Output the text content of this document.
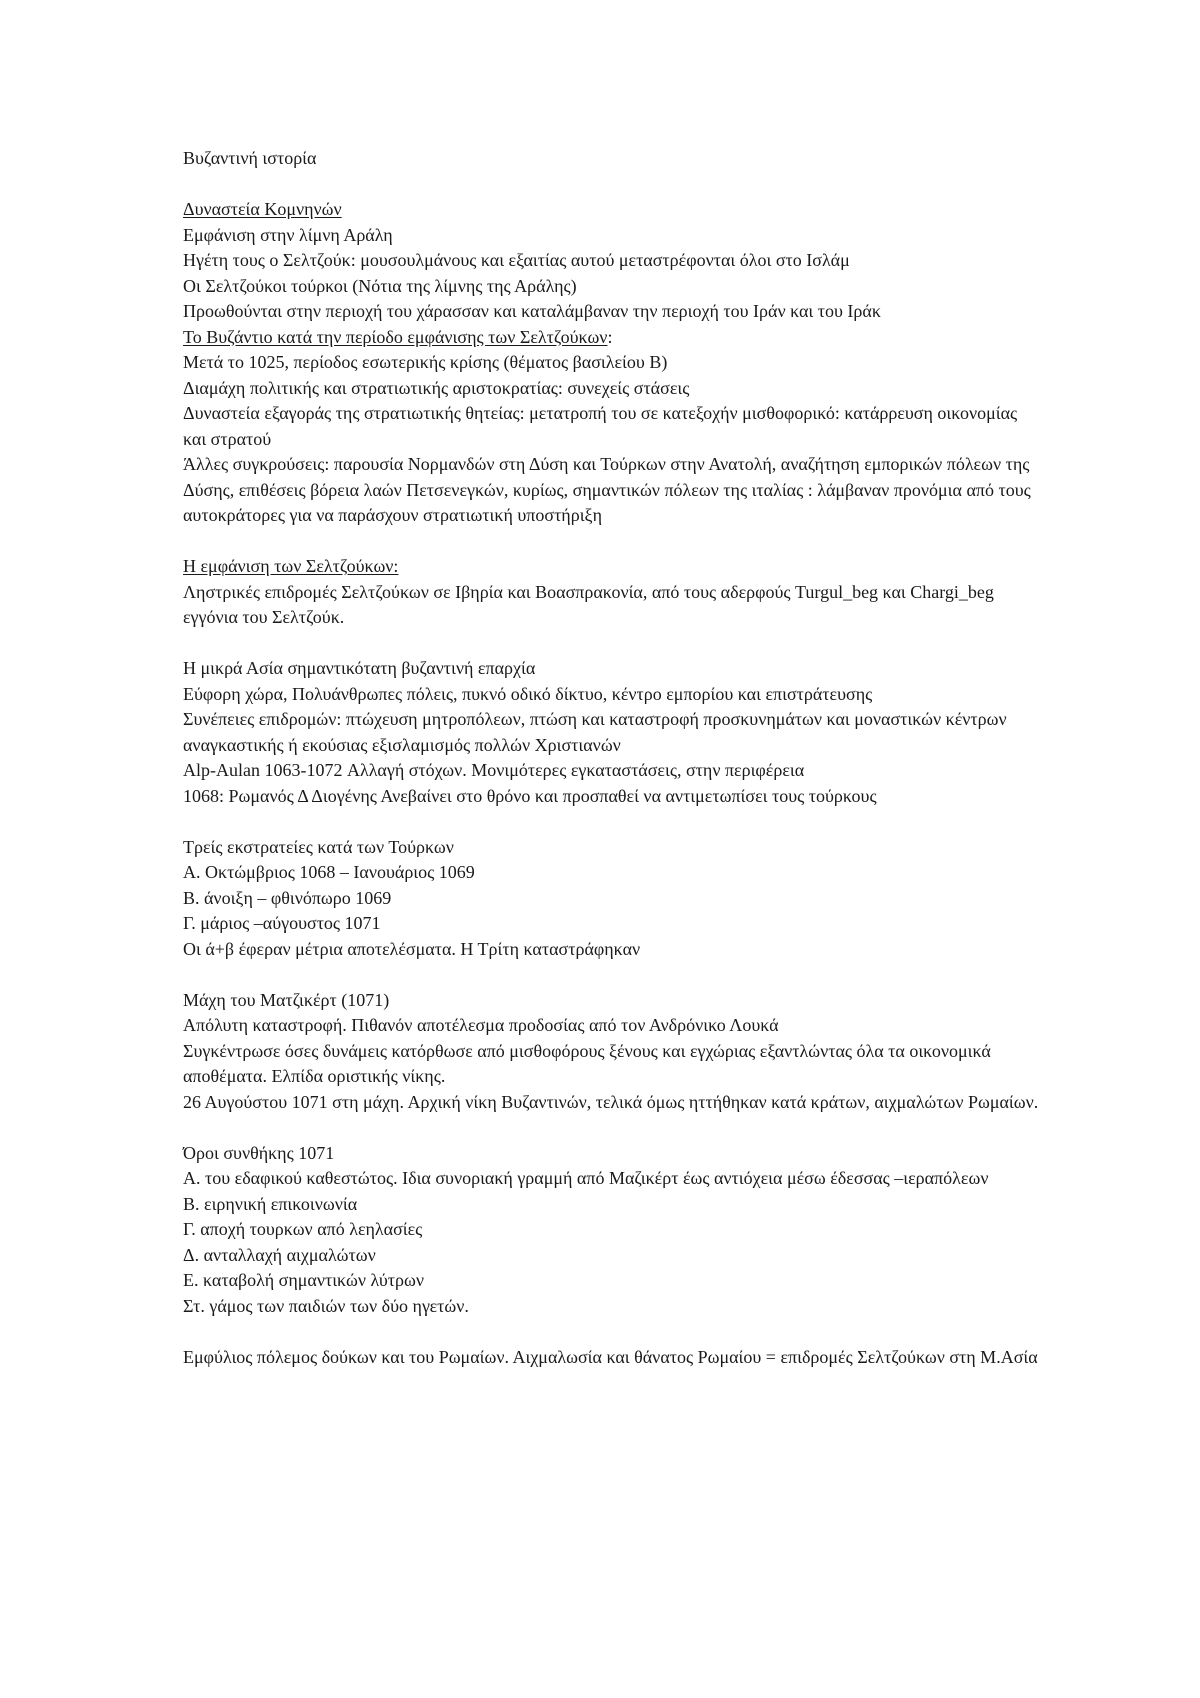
Βυζαντινή ιστορία
Δυναστεία Κομνηνών
Εμφάνιση στην λίμνη Αράλη
Ηγέτη τους ο Σελτζούκ: μουσουλμάνους και εξαιτίας αυτού μεταστρέφονται όλοι στο Ισλάμ
Οι Σελτζούκοι τούρκοι (Νότια της λίμνης της Αράλης)
Προωθούνται στην περιοχή του χάρασσαν και καταλάμβαναν την περιοχή του Ιράν και του Ιράκ
Το Βυζάντιο κατά την περίοδο εμφάνισης των Σελτζούκων:
Μετά το 1025, περίοδος εσωτερικής κρίσης (θέματος βασιλείου Β)
Διαμάχη πολιτικής και στρατιωτικής αριστοκρατίας: συνεχείς στάσεις
Δυναστεία εξαγοράς της στρατιωτικής θητείας: μετατροπή του σε κατεξοχήν μισθοφορικό: κατάρρευση οικονομίας και στρατού
Άλλες συγκρούσεις: παρουσία Νορμανδών στη Δύση και Τούρκων στην Ανατολή, αναζήτηση εμπορικών πόλεων της Δύσης, επιθέσεις βόρεια λαών Πετσενεγκών, κυρίως, σημαντικών πόλεων της ιταλίας : λάμβαναν προνόμια από τους αυτοκράτορες για να παράσχουν στρατιωτική υποστήριξη
Η εμφάνιση των Σελτζούκων:
Ληστρικές επιδρομές Σελτζούκων σε Ιβηρία και Βοασπρακονία, από τους αδερφούς Turgul_beg και Chargi_beg εγγόνια του Σελτζούκ.
Η μικρά Ασία σημαντικότατη βυζαντινή επαρχία
Εύφορη χώρα, Πολυάνθρωπες πόλεις, πυκνό οδικό δίκτυο, κέντρο εμπορίου και επιστράτευσης
Συνέπειες επιδρομών: πτώχευση μητροπόλεων, πτώση και καταστροφή προσκυνημάτων και μοναστικών κέντρων αναγκαστικής ή εκούσιας εξισλαμισμός πολλών Χριστιανών
Alp-Aulan 1063-1072 Αλλαγή στόχων. Μονιμότερες εγκαταστάσεις, στην περιφέρεια
1068: Ρωμανός Δ Διογένης Ανεβαίνει στο θρόνο και προσπαθεί να αντιμετωπίσει τους τούρκους
Τρείς εκστρατείες κατά των Τούρκων
Α. Οκτώμβριος 1068 – Ιανουάριος 1069
Β. άνοιξη – φθινόπωρο 1069
Γ. μάριος –αύγουστος 1071
Οι ά+β έφεραν μέτρια αποτελέσματα. Η Τρίτη καταστράφηκαν
Μάχη του Ματζικέρτ (1071)
Απόλυτη καταστροφή. Πιθανόν αποτέλεσμα προδοσίας από τον Ανδρόνικο Λουκά
Συγκέντρωσε όσες δυνάμεις κατόρθωσε από μισθοφόρους ξένους και εγχώριας εξαντλώντας όλα τα οικονομικά αποθέματα. Ελπίδα οριστικής νίκης.
26 Αυγούστου 1071 στη μάχη. Αρχική νίκη Βυζαντινών, τελικά όμως ηττήθηκαν κατά κράτων, αιχμαλώτων Ρωμαίων.
Όροι συνθήκης 1071
Α. του εδαφικού καθεστώτος. Ιδια συνοριακή γραμμή από Μαζικέρτ έως αντιόχεια μέσω έδεσσας –ιεραπόλεων
Β. ειρηνική επικοινωνία
Γ. αποχή τουρκων από λεηλασίες
Δ. ανταλλαχή αιχμαλώτων
Ε. καταβολή σημαντικών λύτρων
Στ. γάμος των παιδιών των δύο ηγετών.
Εμφύλιος πόλεμος δούκων και του Ρωμαίων. Αιχμαλωσία και θάνατος Ρωμαίου = επιδρομές Σελτζούκων στη Μ.Ασία
